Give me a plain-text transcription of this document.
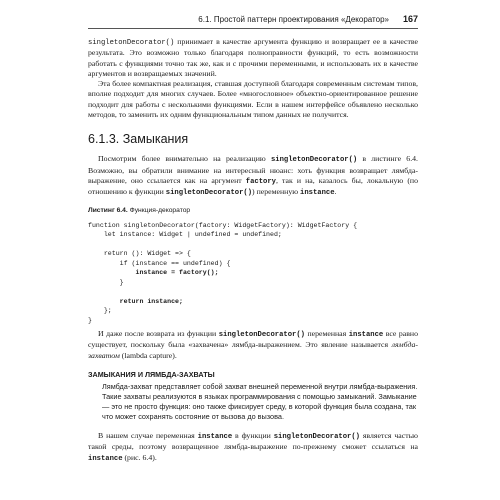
6.1. Простой паттерн проектирования «Декоратор» 167

singletonDecorator() принимает в качестве аргумента функцию и возвращает ее в качестве результата. Это возможно только благодаря полноправности функций, то есть возможности работать с функциями точно так же, как и с прочими переменными, и использовать их в качестве аргументов и возвращаемых значений.

Эта более компактная реализация, ставшая доступной благодаря современным системам типов, вполне подходит для многих случаев. Более «многословное» объектно-ориентированное решение подходит для работы с несколькими функциями. Если в нашем интерфейсе объявлено несколько методов, то заменить их одним функциональным типом данных не получится.

6.1.3. Замыкания

Посмотрим более внимательно на реализацию singletonDecorator() в листинге 6.4. Возможно, вы обратили внимание на интересный нюанс: хоть функция возвращает лямбда-выражение, оно ссылается как на аргумент factory, так и на, казалось бы, локальную (по отношению к функции singletonDecorator()) переменную instance.

Листинг 6.4. Функция-декоратор
function singletonDecorator(factory: WidgetFactory): WidgetFactory {
let instance: Widget | undefined = undefined;

return (): Widget => {
if (instance == undefined) {
instance = factory();
}

return instance;
};
}

И даже после возврата из функции singletonDecorator() переменная instance все равно существует, поскольку была «захвачена» лямбда-выражением. Это явление называется лямбда-захватом (lambda capture).

ЗАМЫКАНИЯ И ЛЯМБДА-ЗАХВАТЫ
Лямбда-захват представляет собой захват внешней переменной внутри лямбда-выражения. Такие захваты реализуются в языках программирования с помощью замыканий. Замыкание — это не просто функция: оно также фиксирует среду, в которой функция была создана, так что может сохранять состояние от вызова до вызова.

В нашем случае переменная instance в функции singletonDecorator() является частью такой среды, поэтому возвращенное лямбда-выражение по-прежнему сможет ссылаться на instance (рис. 6.4).
